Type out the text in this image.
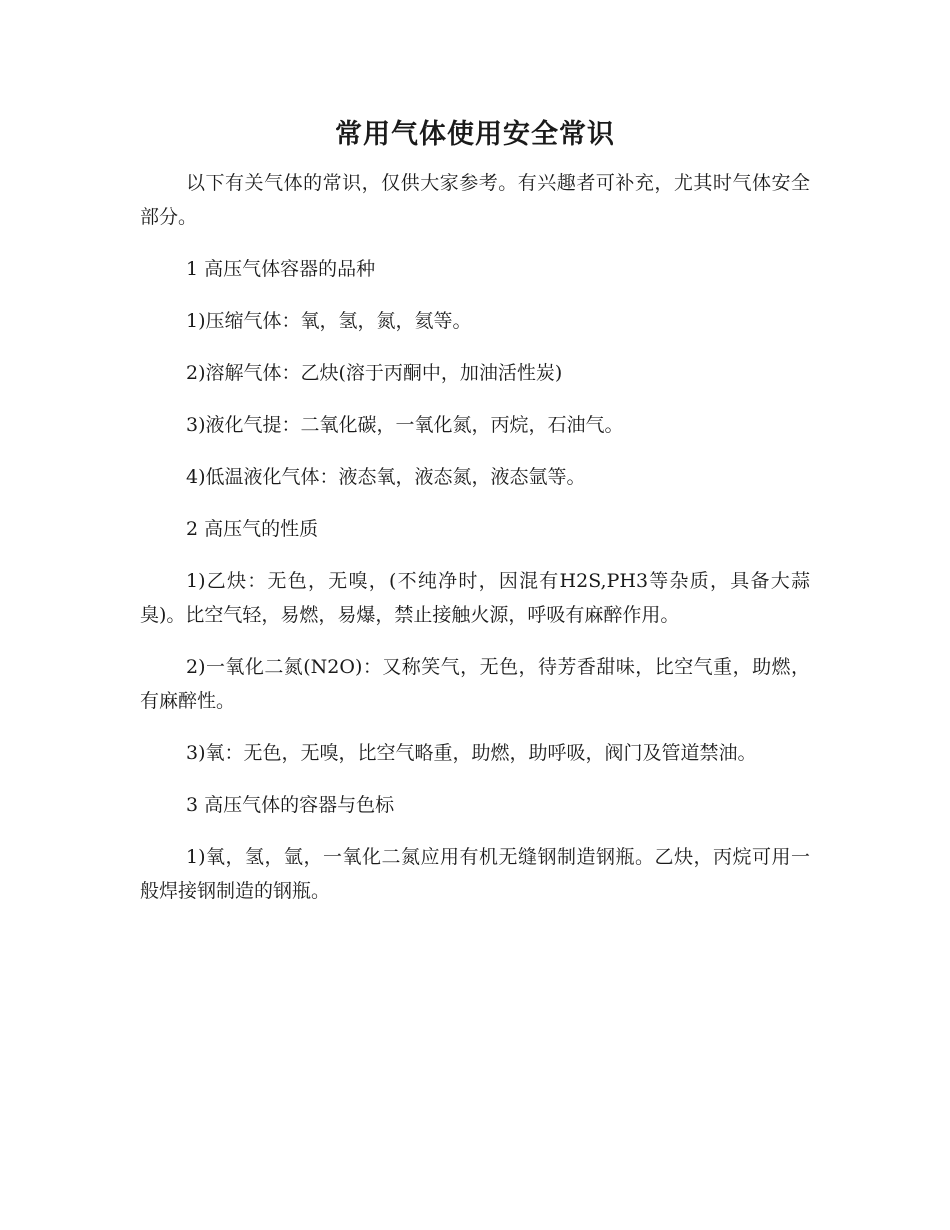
常用气体使用安全常识

以下有关气体的常识，仅供大家参考。有兴趣者可补充，尤其时气体安全部分。

1 高压气体容器的品种

1)压缩气体：氧，氢，氮，氦等。

2)溶解气体：乙炔(溶于丙酮中，加油活性炭)

3)液化气提：二氧化碳，一氧化氮，丙烷，石油气。

4)低温液化气体：液态氧，液态氮，液态氩等。

2 高压气的性质

1)乙炔：无色，无嗅，(不纯净时，因混有H2S,PH3等杂质，具备大蒜 臭)。比空气轻，易燃，易爆，禁止接触火源，呼吸有麻醉作用。

2)一氧化二氮(N2O)：又称笑气，无色，待芳香甜味，比空气重，助燃，有麻醉性。

3)氧：无色，无嗅，比空气略重，助燃，助呼吸，阀门及管道禁油。

3 高压气体的容器与色标

1)氧，氢，氩，一氧化二氮应用有机无缝钢制造钢瓶。乙炔，丙烷可用一般焊接钢制造的钢瓶。
